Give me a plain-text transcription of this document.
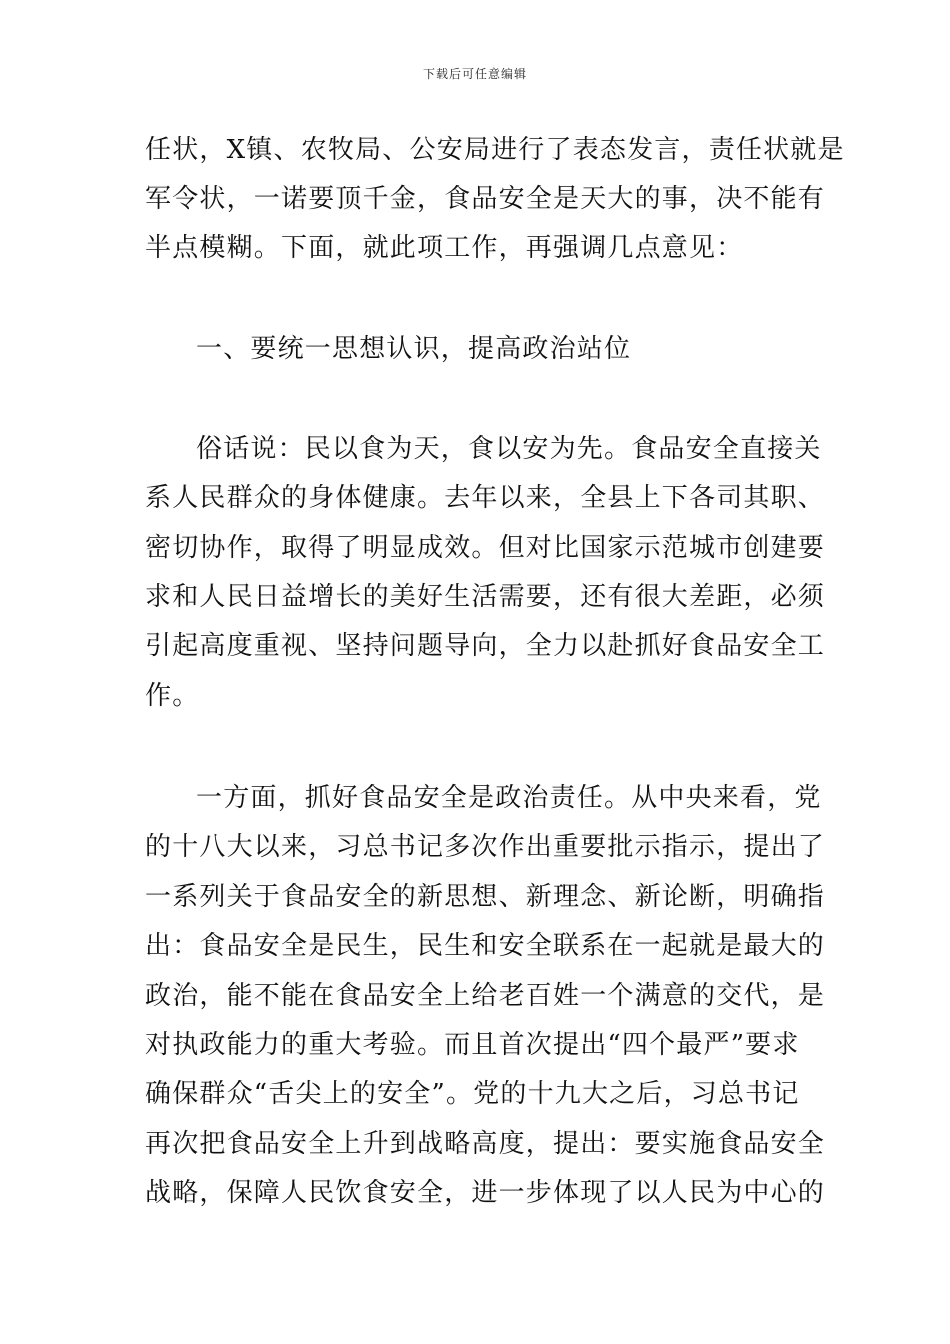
下载后可任意编辑
任状，X镇、农牧局、公安局进行了表态发言，责任状就是
军令状，一诺要顶千金，食品安全是天大的事，决不能有
半点模糊。下面，就此项工作，再强调几点意见：
一、要统一思想认识，提高政治站位
俗话说：民以食为天，食以安为先。食品安全直接关
系人民群众的身体健康。去年以来，全县上下各司其职、
密切协作，取得了明显成效。但对比国家示范城市创建要
求和人民日益增长的美好生活需要，还有很大差距，必须
引起高度重视、坚持问题导向，全力以赴抓好食品安全工
作。
一方面，抓好食品安全是政治责任。从中央来看，党
的十八大以来，习总书记多次作出重要批示指示，提出了
一系列关于食品安全的新思想、新理念、新论断，明确指
出：食品安全是民生，民生和安全联系在一起就是最大的
政治，能不能在食品安全上给老百姓一个满意的交代，是
对执政能力的重大考验。而且首次提出“四个最严”要求
确保群众“舌尖上的安全”。党的十九大之后，习总书记
再次把食品安全上升到战略高度，提出：要实施食品安全
战略，保障人民饮食安全，进一步体现了以人民为中心的
